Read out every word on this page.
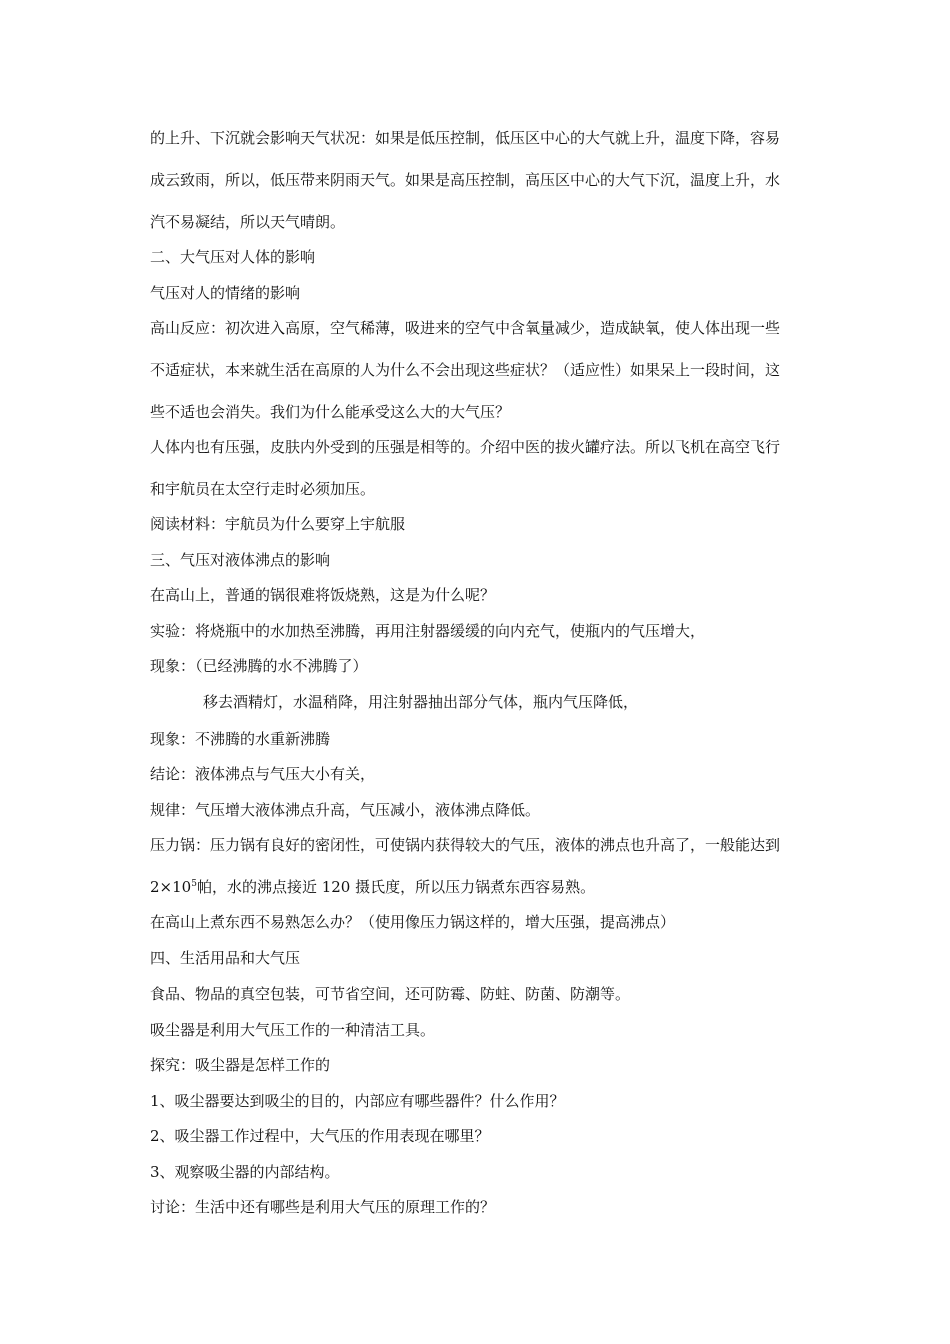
的上升、下沉就会影响天气状况：如果是低压控制，低压区中心的大气就上升，温度下降，容易
成云致雨，所以，低压带来阴雨天气。如果是高压控制，高压区中心的大气下沉，温度上升，水
汽不易凝结，所以天气晴朗。
二、大气压对人体的影响
气压对人的情绪的影响
高山反应：初次进入高原，空气稀薄，吸进来的空气中含氧量减少，造成缺氧，使人体出现一些
不适症状，本来就生活在高原的人为什么不会出现这些症状？（适应性）如果呆上一段时间，这
些不适也会消失。我们为什么能承受这么大的大气压？
人体内也有压强，皮肤内外受到的压强是相等的。介绍中医的拔火罐疗法。所以飞机在高空飞行
和宇航员在太空行走时必须加压。
阅读材料：宇航员为什么要穿上宇航服
三、气压对液体沸点的影响
在高山上，普通的锅很难将饭烧熟，这是为什么呢？
实验：将烧瓶中的水加热至沸腾，再用注射器缓缓的向内充气，使瓶内的气压增大，
现象：（已经沸腾的水不沸腾了）
移去酒精灯，水温稍降，用注射器抽出部分气体，瓶内气压降低，
现象：不沸腾的水重新沸腾
结论：液体沸点与气压大小有关，
规律：气压增大液体沸点升高，气压减小，液体沸点降低。
压力锅：压力锅有良好的密闭性，可使锅内获得较大的气压，液体的沸点也升高了，一般能达到
$2\times 10^5$帕，水的沸点接近 120 摄氏度，所以压力锅煮东西容易熟。
在高山上煮东西不易熟怎么办？（使用像压力锅这样的，增大压强，提高沸点）
四、生活用品和大气压
食品、物品的真空包装，可节省空间，还可防霉、防蛀、防菌、防潮等。
吸尘器是利用大气压工作的一种清洁工具。
探究：吸尘器是怎样工作的
1、吸尘器要达到吸尘的目的，内部应有哪些器件？什么作用？
2、吸尘器工作过程中，大气压的作用表现在哪里？
3、观察吸尘器的内部结构。
讨论：生活中还有哪些是利用大气压的原理工作的？
